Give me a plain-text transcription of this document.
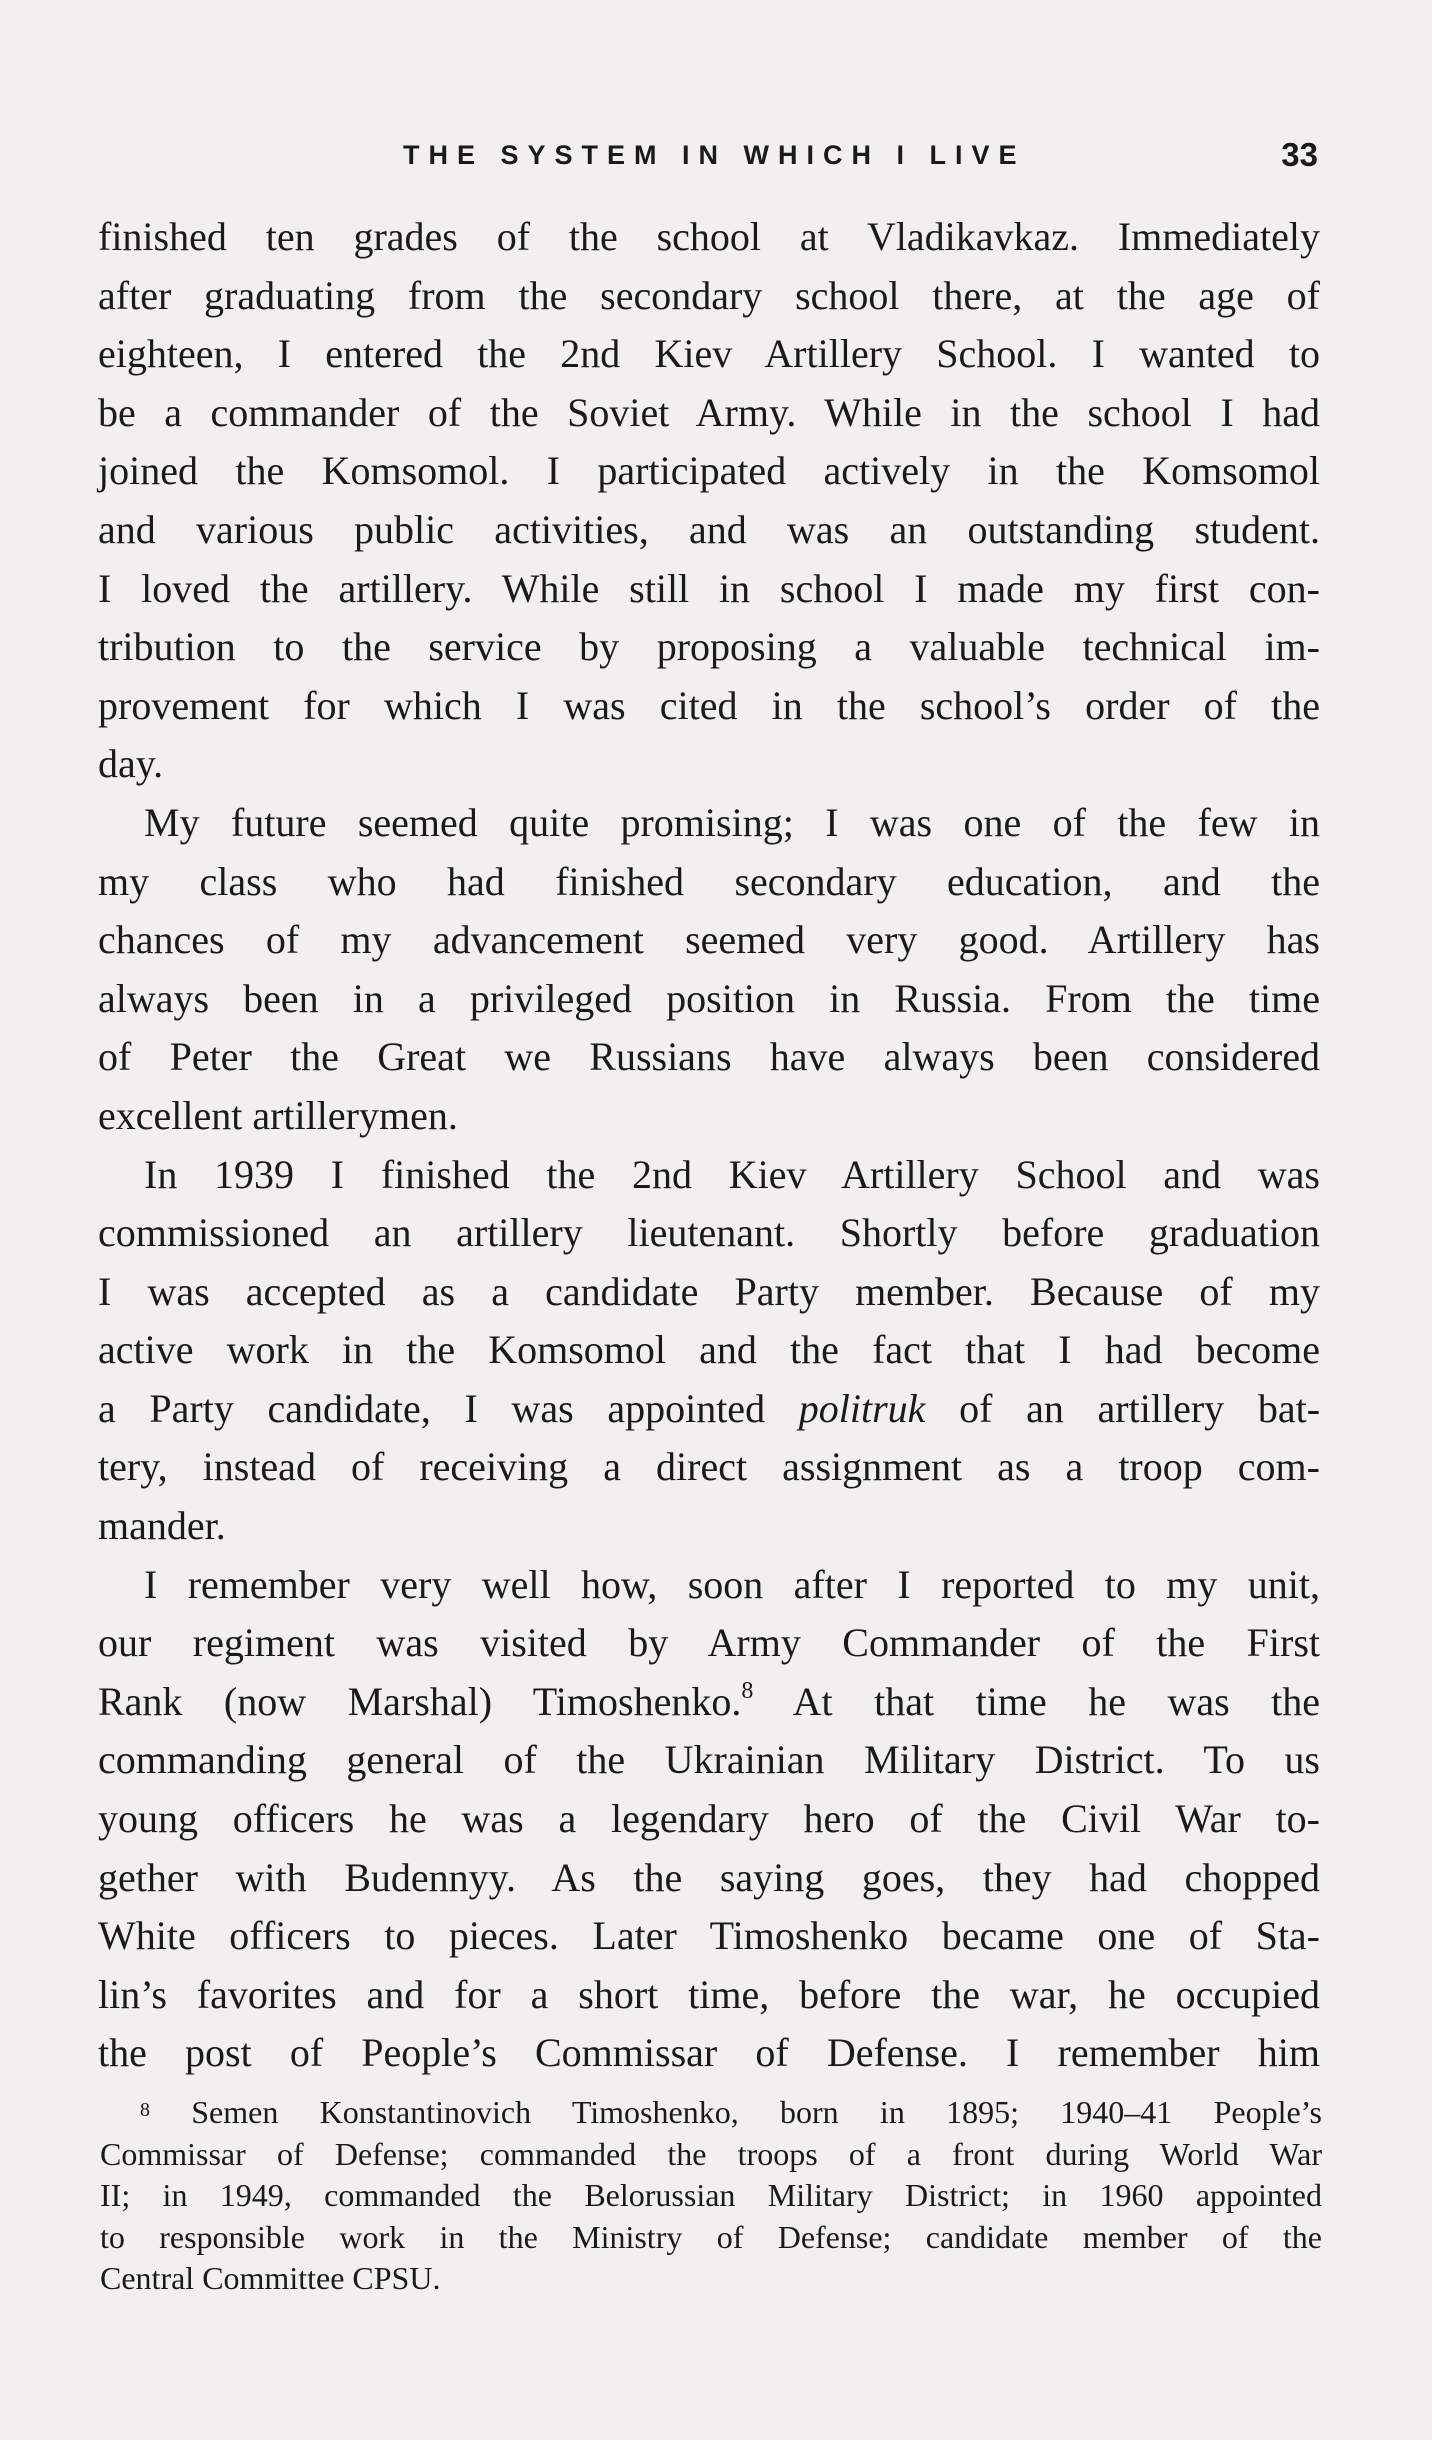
THE SYSTEM IN WHICH I LIVE	33
finished ten grades of the school at Vladikavkaz. Immediately
after graduating from the secondary school there, at the age of
eighteen, I entered the 2nd Kiev Artillery School. I wanted to
be a commander of the Soviet Army. While in the school I had
joined the Komsomol. I participated actively in the Komsomol
and various public activities, and was an outstanding student.
I loved the artillery. While still in school I made my first con-
tribution to the service by proposing a valuable technical im-
provement for which I was cited in the school’s order of the
day.
My future seemed quite promising; I was one of the few in
my class who had finished secondary education, and the
chances of my advancement seemed very good. Artillery has
always been in a privileged position in Russia. From the time
of Peter the Great we Russians have always been considered
excellent artillerymen.
In 1939 I finished the 2nd Kiev Artillery School and was
commissioned an artillery lieutenant. Shortly before graduation
I was accepted as a candidate Party member. Because of my
active work in the Komsomol and the fact that I had become
a Party candidate, I was appointed politruk of an artillery bat-
tery, instead of receiving a direct assignment as a troop com-
mander.
I remember very well how, soon after I reported to my unit,
our regiment was visited by Army Commander of the First
Rank (now Marshal) Timoshenko.$^8$ At that time he was the
commanding general of the Ukrainian Military District. To us
young officers he was a legendary hero of the Civil War to-
gether with Budennyy. As the saying goes, they had chopped
White officers to pieces. Later Timoshenko became one of Sta-
lin’s favorites and for a short time, before the war, he occupied
the post of People’s Commissar of Defense. I remember him
$^8$ Semen Konstantinovich Timoshenko, born in 1895; 1940–41 People’s
Commissar of Defense; commanded the troops of a front during World War
II; in 1949, commanded the Belorussian Military District; in 1960 appointed
to responsible work in the Ministry of Defense; candidate member of the
Central Committee CPSU.
